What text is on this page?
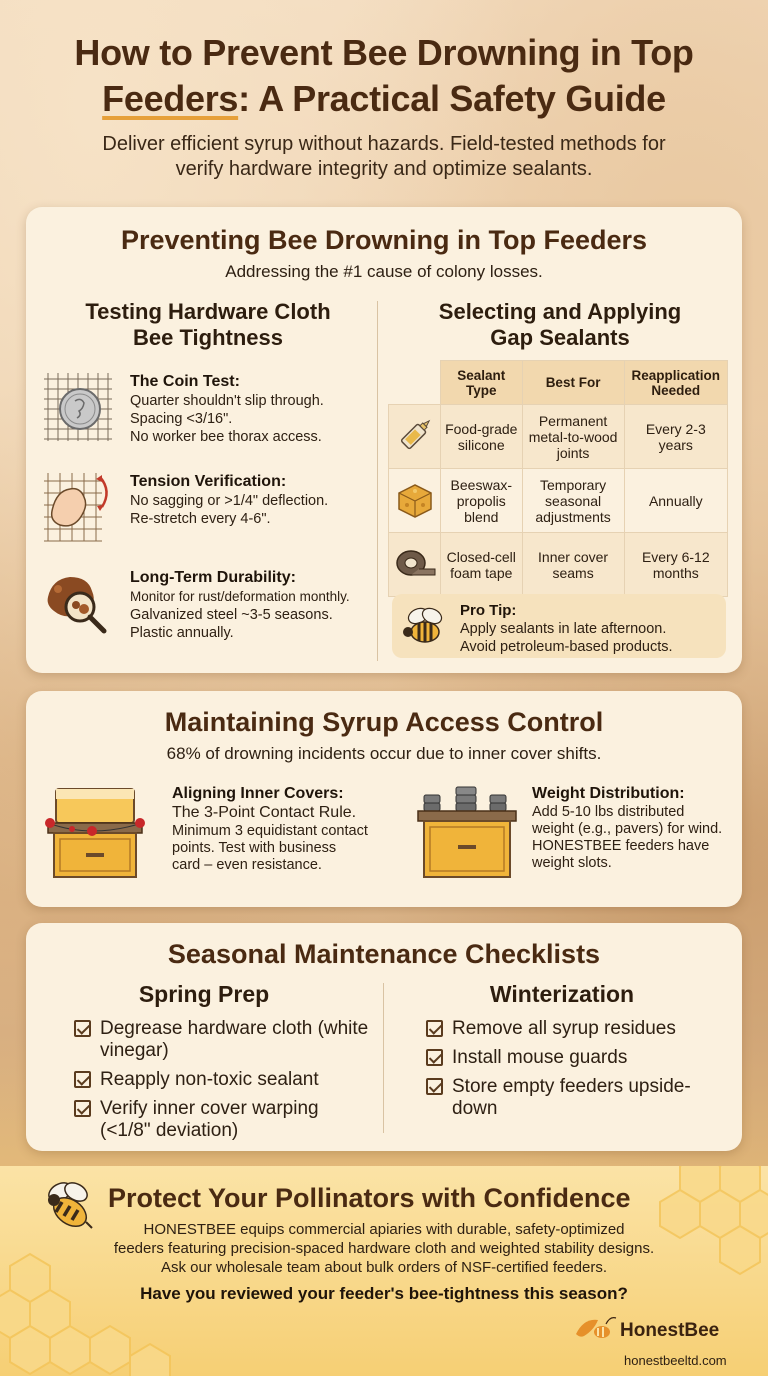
How to Prevent Bee Drowning in Top
Feeders: A Practical Safety Guide

Deliver efficient syrup without hazards. Field-tested methods for
verify hardware integrity and optimize sealants.

Preventing Bee Drowning in Top Feeders
Addressing the #1 cause of colony losses.
Testing Hardware Cloth
Bee Tightness
Selecting and Applying
Gap Sealants
The Coin Test:
Quarter shouldn't slip through.
Spacing <3/16".
No worker bee thorax access.
Tension Verification:
No sagging or >1/4" deflection.
Re-stretch every 4-6".
Long-Term Durability:
Monitor for rust/deformation monthly.
Galvanized steel ~3-5 seasons.
Plastic annually.
	Sealant Type	Best For	Reapplication Needed
	Food-grade silicone	Permanent metal-to-wood joints	Every 2-3 years
	Beeswax-propolis blend	Temporary seasonal adjustments	Annually
	Closed-cell foam tape	Inner cover seams	Every 6-12 months
Pro Tip:
Apply sealants in late afternoon.
Avoid petroleum-based products.
Maintaining Syrup Access Control
68% of drowning incidents occur due to inner cover shifts.
Aligning Inner Covers:
The 3-Point Contact Rule.
Minimum 3 equidistant contact
points. Test with business
card – even resistance.
Weight Distribution:
Add 5-10 lbs distributed
weight (e.g., pavers) for wind.
HONESTBEE feeders have
weight slots.
Seasonal Maintenance Checklists
Spring Prep
Degrease hardware cloth (white vinegar)
Reapply non-toxic sealant
Verify inner cover warping (<1/8" deviation)
Winterization
Remove all syrup residues
Install mouse guards
Store empty feeders upside-down
Protect Your Pollinators with Confidence
HONESTBEE equips commercial apiaries with durable, safety-optimized
feeders featuring precision-spaced hardware cloth and weighted stability designs.
Ask our wholesale team about bulk orders of NSF-certified feeders.
Have you reviewed your feeder's bee-tightness this season?
HonestBee
honestbeeltd.com
